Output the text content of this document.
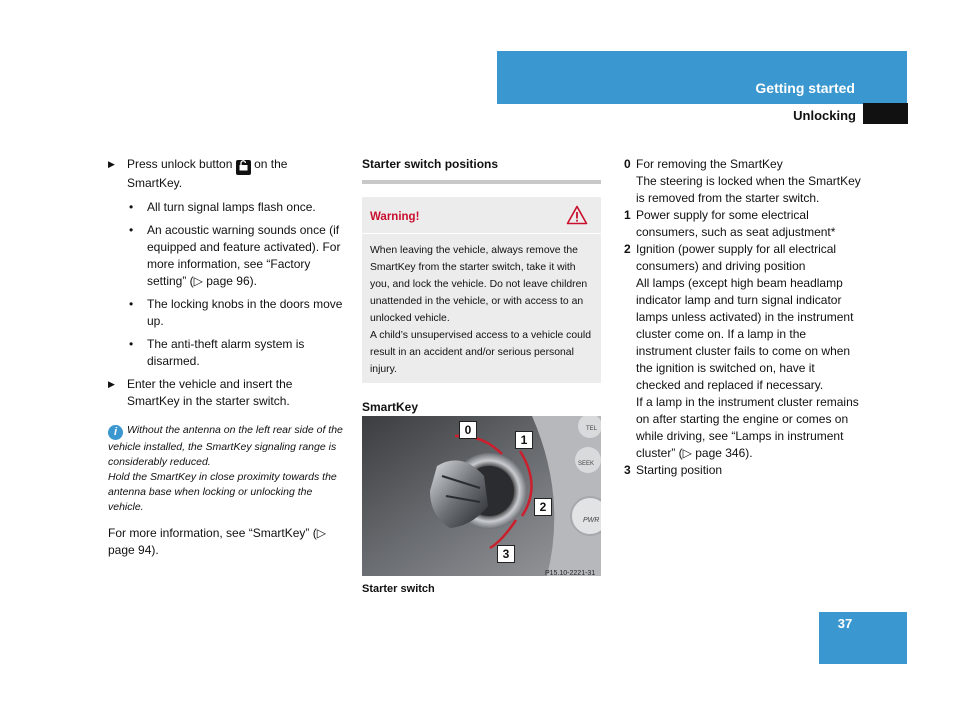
Getting started
Unlocking
▶ Press unlock button on the SmartKey.
• All turn signal lamps flash once.
• An acoustic warning sounds once (if equipped and feature activated). For more information, see “Factory setting” (▷ page 96).
• The locking knobs in the doors move up.
• The anti-theft alarm system is disarmed.
▶ Enter the vehicle and insert the SmartKey in the starter switch.
i Without the antenna on the left rear side of the vehicle installed, the SmartKey signaling range is considerably reduced.
Hold the SmartKey in close proximity towards the antenna base when locking or unlocking the vehicle.
For more information, see “SmartKey” (▷ page 94).
Starter switch positions
Warning!
When leaving the vehicle, always remove the SmartKey from the starter switch, take it with you, and lock the vehicle. Do not leave children unattended in the vehicle, or with access to an unlocked vehicle.
A child’s unsupervised access to a vehicle could result in an accident and/or serious personal injury.
SmartKey
0
1
2
3
TEL
SEEK
PWR
P15.10-2221-31
Starter switch
0 For removing the SmartKey
The steering is locked when the SmartKey is removed from the starter switch.
1 Power supply for some electrical consumers, such as seat adjustment*
2 Ignition (power supply for all electrical consumers) and driving position
All lamps (except high beam headlamp indicator lamp and turn signal indicator lamps unless activated) in the instrument cluster come on. If a lamp in the instrument cluster fails to come on when the ignition is switched on, have it checked and replaced if necessary.
If a lamp in the instrument cluster remains on after starting the engine or comes on while driving, see “Lamps in instrument cluster” (▷ page 346).
3 Starting position
37
